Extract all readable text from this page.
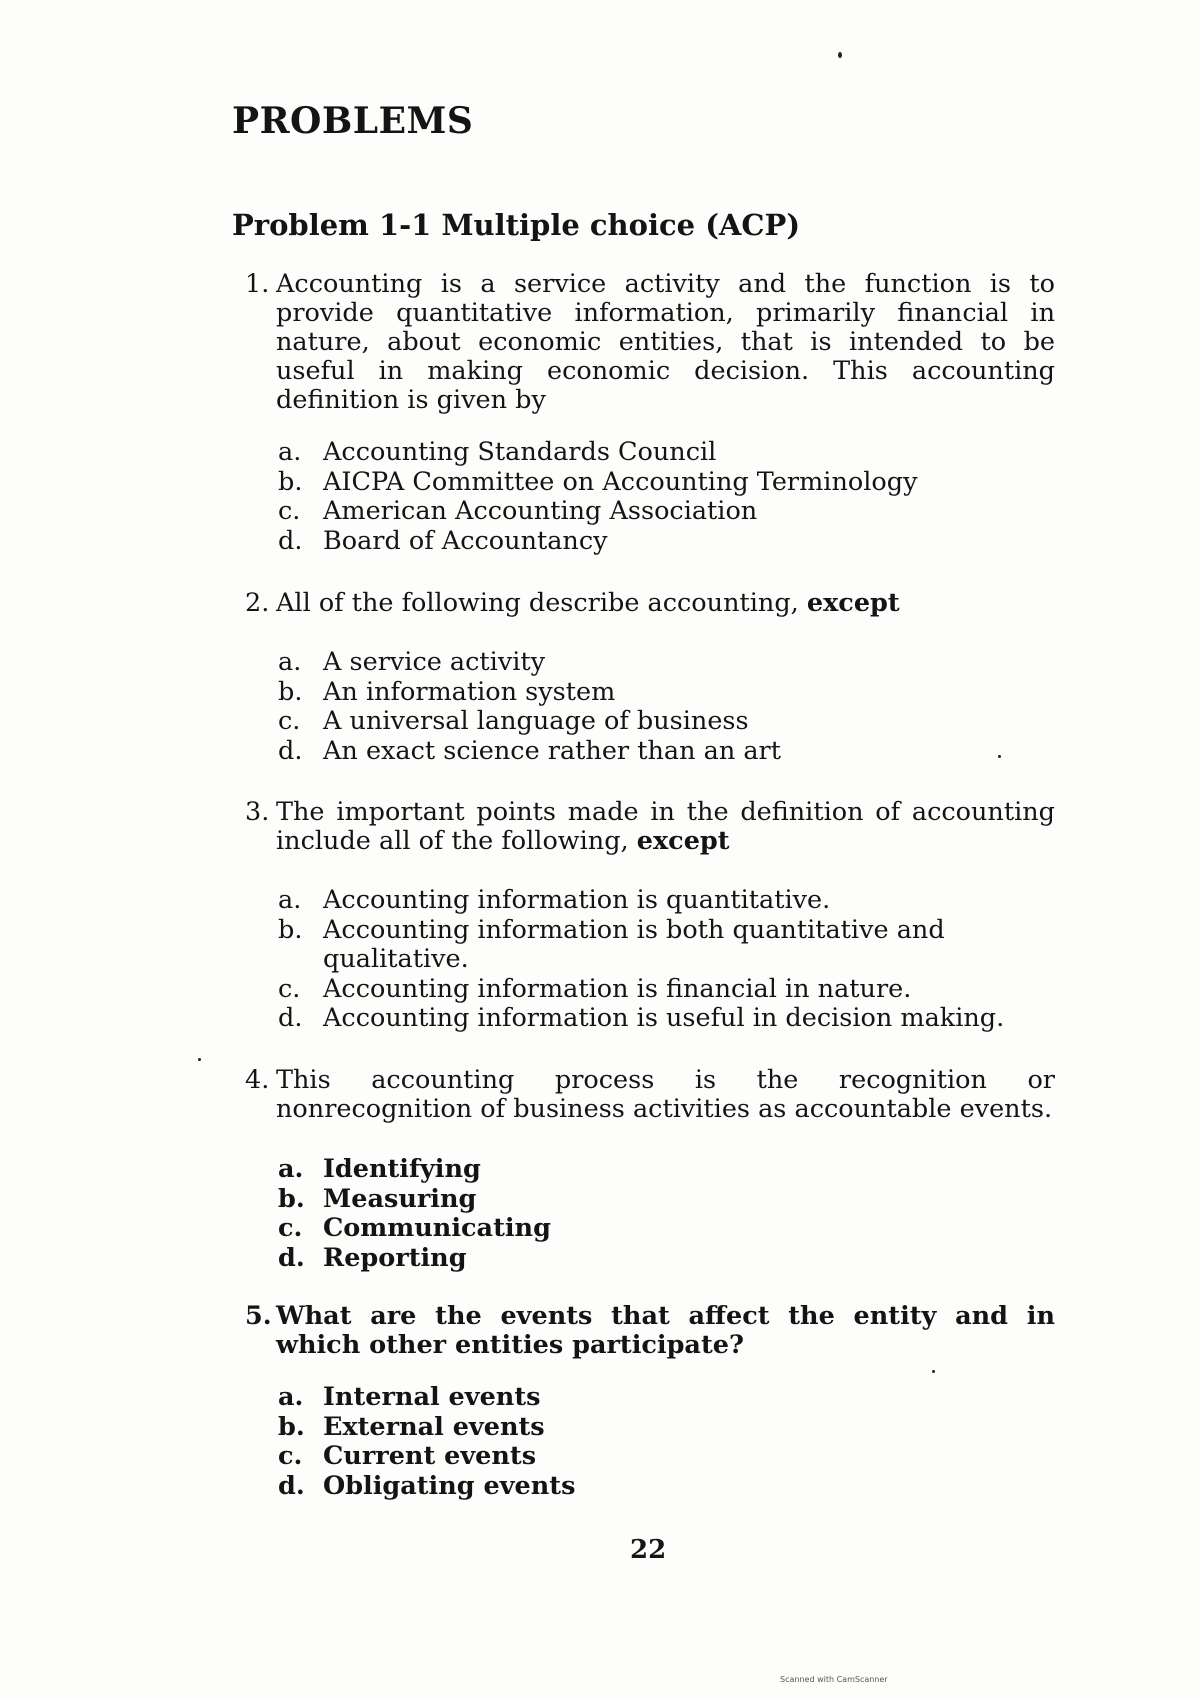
PROBLEMS
Problem 1-1 Multiple choice (ACP)
1. Accounting is a service activity and the function is to provide quantitative information, primarily financial in nature, about economic entities, that is intended to be useful in making economic decision. This accounting definition is given by
a. Accounting Standards Council
b. AICPA Committee on Accounting Terminology
c. American Accounting Association
d. Board of Accountancy
2. All of the following describe accounting, except
a. A service activity
b. An information system
c. A universal language of business
d. An exact science rather than an art
3. The important points made in the definition of accounting include all of the following, except
a. Accounting information is quantitative.
b. Accounting information is both quantitative and qualitative.
c. Accounting information is financial in nature.
d. Accounting information is useful in decision making.
4. This accounting process is the recognition or nonrecognition of business activities as accountable events.
a. Identifying
b. Measuring
c. Communicating
d. Reporting
5. What are the events that affect the entity and in which other entities participate?
a. Internal events
b. External events
c. Current events
d. Obligating events
22
Scanned with CamScanner
